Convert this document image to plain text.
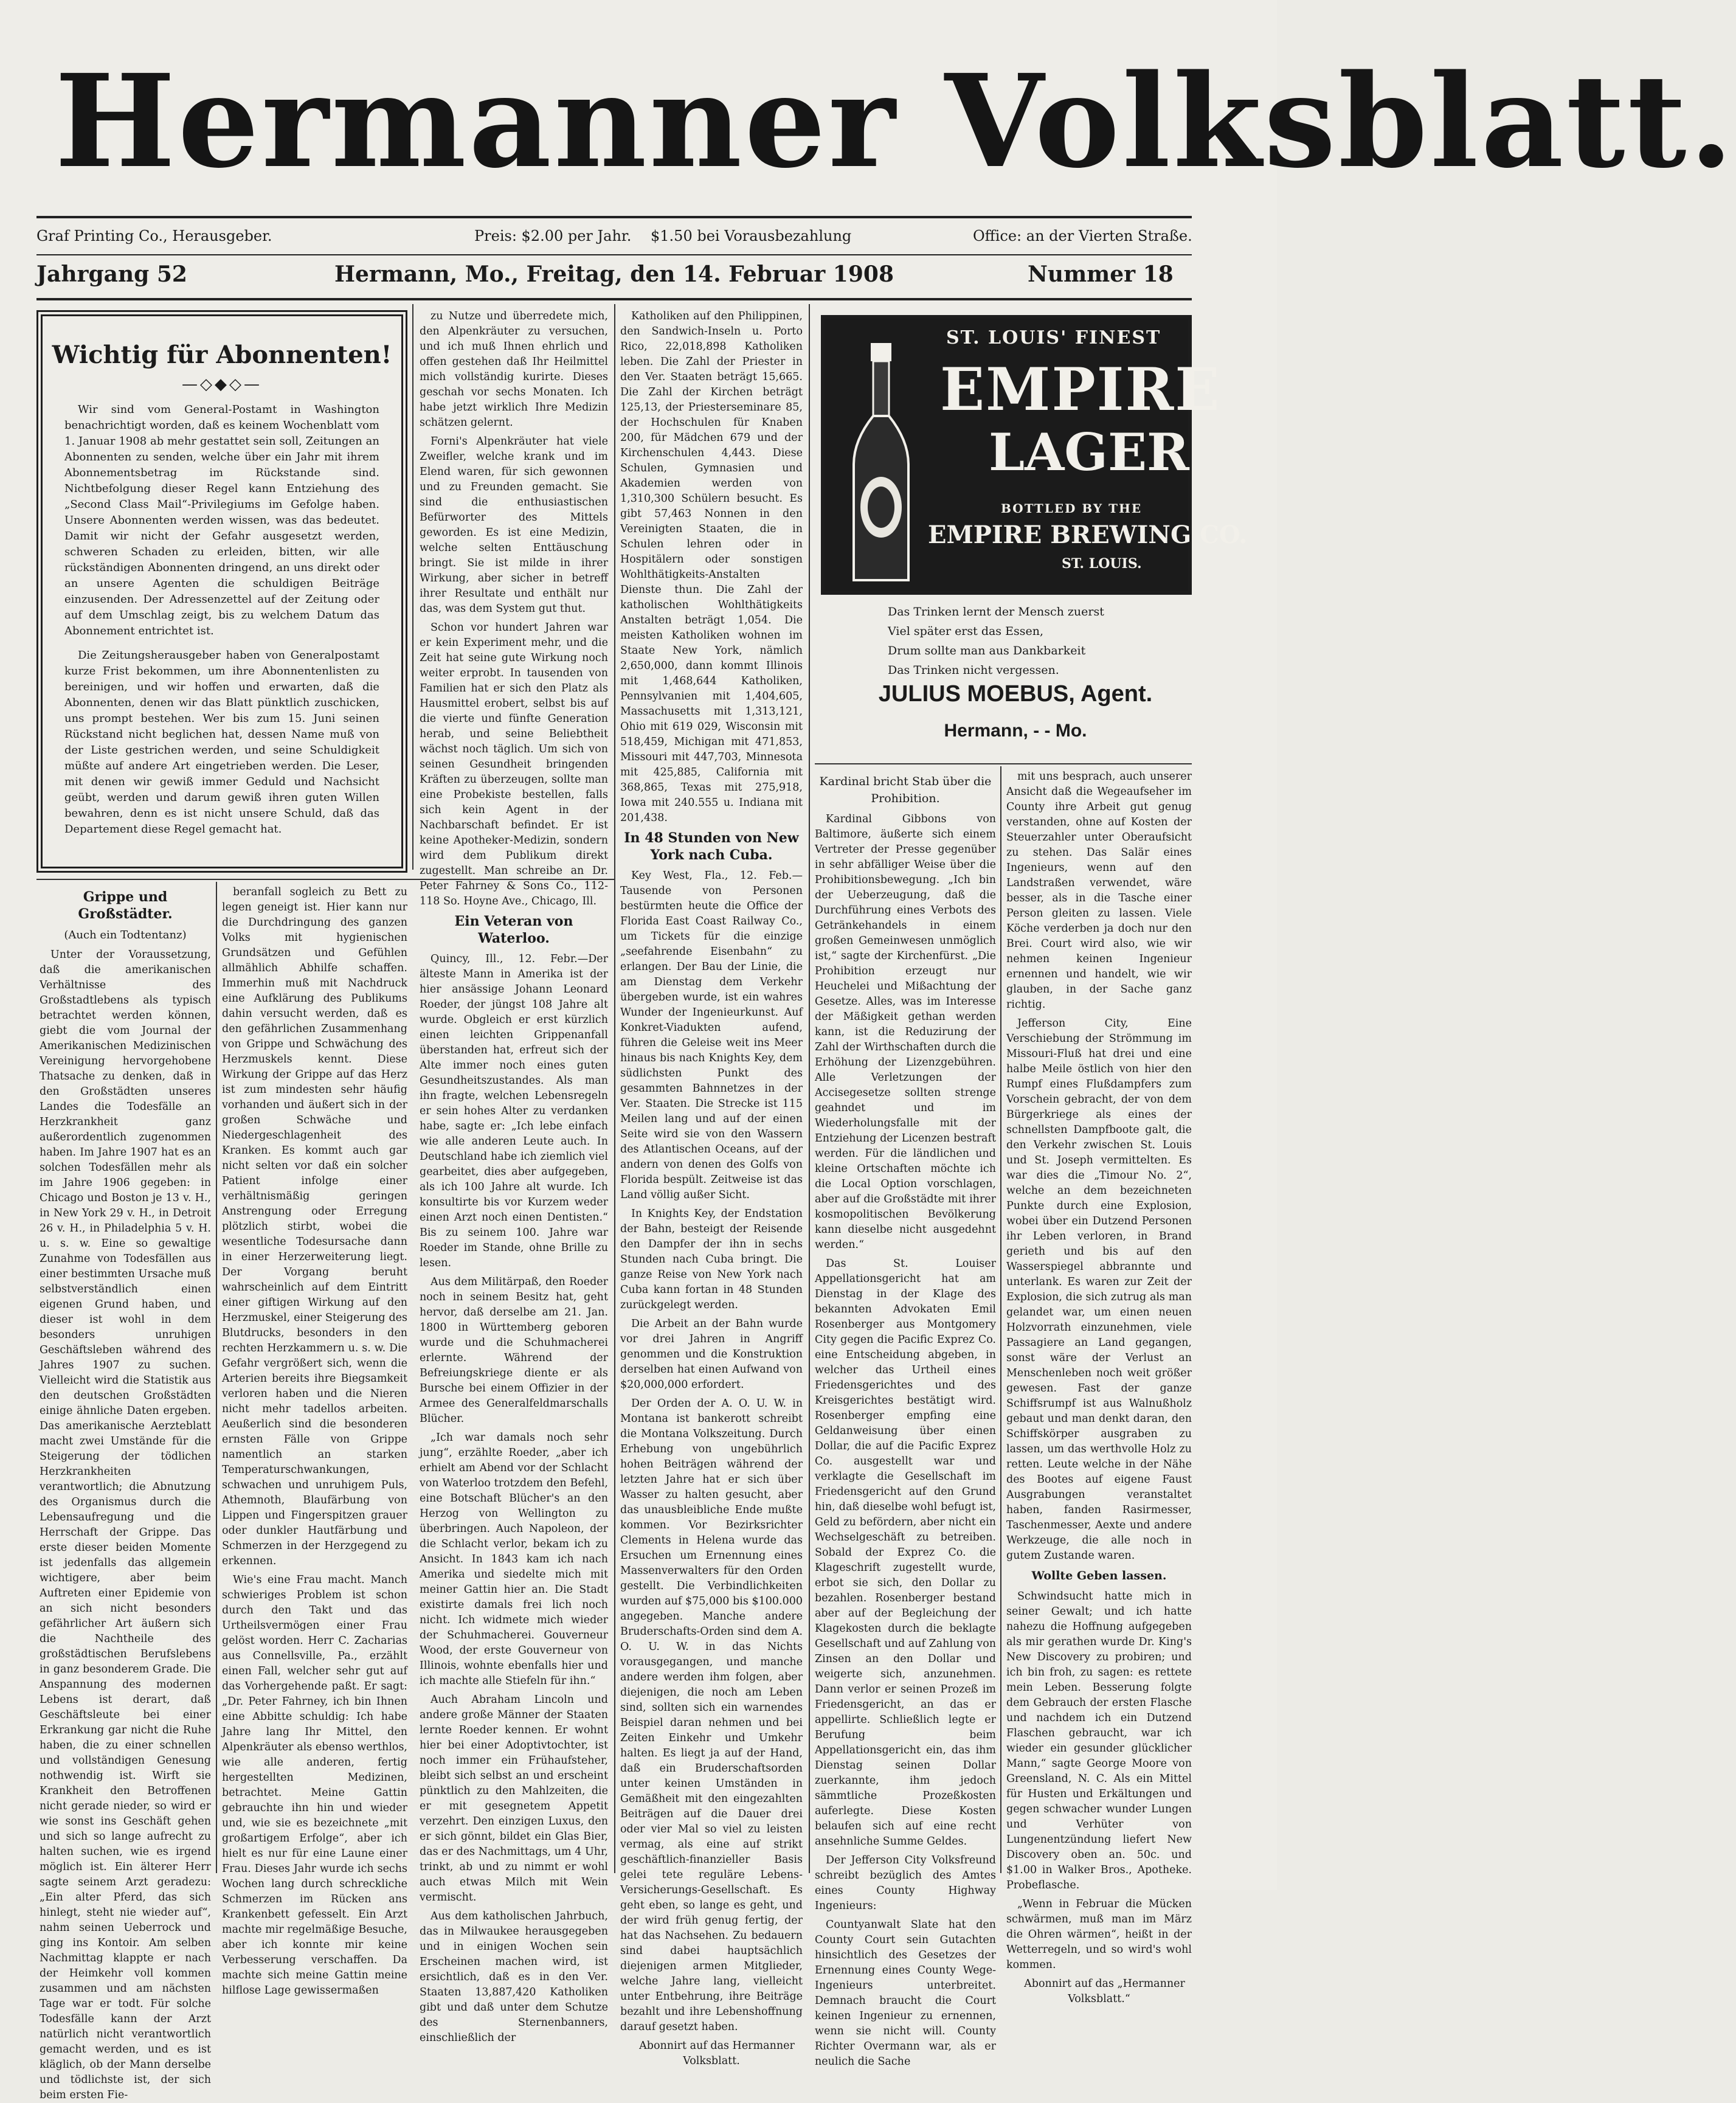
Hermanner Volksblatt.
Graf Printing Co., Herausgeber.	Preis: $2.00 per Jahr. $1.50 bei Vorausbezahlung	Office: an der Vierten Straße.
Jahrgang 52	Hermann, Mo., Freitag, den 14. Februar 1908	Nummer 18
Wichtig für Abonnenten!
—◇◆◇—

Wir sind vom General-Postamt in Washington benachrichtigt worden, daß es keinem Wochenblatt vom 1. Januar 1908 ab mehr gestattet sein soll, Zeitungen an Abonnenten zu senden, welche über ein Jahr mit ihrem Abonnementsbetrag im Rückstande sind. Nichtbefolgung dieser Regel kann Entziehung des „Second Class Mail“-Privilegiums im Gefolge haben. Unsere Abonnenten werden wissen, was das bedeutet. Damit wir nicht der Gefahr ausgesetzt werden, schweren Schaden zu erleiden, bitten, wir alle rückständigen Abonnenten dringend, an uns direkt oder an unsere Agenten die schuldigen Beiträge einzusenden. Der Adressenzettel auf der Zeitung oder auf dem Umschlag zeigt, bis zu welchem Datum das Abonnement entrichtet ist.

Die Zeitungsherausgeber haben von Generalpostamt kurze Frist bekommen, um ihre Abonnentenlisten zu bereinigen, und wir hoffen und erwarten, daß die Abonnenten, denen wir das Blatt pünktlich zuschicken, uns prompt bestehen. Wer bis zum 15. Juni seinen Rückstand nicht beglichen hat, dessen Name muß von der Liste gestrichen werden, und seine Schuldigkeit müßte auf andere Art eingetrieben werden. Die Leser, mit denen wir gewiß immer Geduld und Nachsicht geübt, werden und darum gewiß ihren guten Willen bewahren, denn es ist nicht unsere Schuld, daß das Departement diese Regel gemacht hat.

zu Nutze und überredete mich, den Alpenkräuter zu versuchen, und ich muß Ihnen ehrlich und offen gestehen daß Ihr Heilmittel mich vollständig kurirte. Dieses geschah vor sechs Monaten. Ich habe jetzt wirklich Ihre Medizin schätzen gelernt.

Forni's Alpenkräuter hat viele Zweifler, welche krank und im Elend waren, für sich gewonnen und zu Freunden gemacht. Sie sind die enthusiastischen Befürworter des Mittels geworden. Es ist eine Medizin, welche selten Enttäuschung bringt. Sie ist milde in ihrer Wirkung, aber sicher in betreff ihrer Resultate und enthält nur das, was dem System gut thut.

Schon vor hundert Jahren war er kein Experiment mehr, und die Zeit hat seine gute Wirkung noch weiter erprobt. In tausenden von Familien hat er sich den Platz als Hausmittel erobert, selbst bis auf die vierte und fünfte Generation herab, und seine Beliebtheit wächst noch täglich. Um sich von seinen Gesundheit bringenden Kräften zu überzeugen, sollte man eine Probekiste bestellen, falls sich kein Agent in der Nachbarschaft befindet. Er ist keine Apotheker-Medizin, sondern wird dem Publikum direkt zugestellt. Man schreibe an Dr. Peter Fahrney & Sons Co., 112-118 So. Hoyne Ave., Chicago, Ill.

Ein Veteran von Waterloo.

Quincy, Ill., 12. Febr.—Der älteste Mann in Amerika ist der hier ansässige Johann Leonard Roeder, der jüngst 108 Jahre alt wurde. Obgleich er erst kürzlich einen leichten Grippenanfall überstanden hat, erfreut sich der Alte immer noch eines guten Gesundheitszustandes. Als man ihn fragte, welchen Lebensregeln er sein hohes Alter zu verdanken habe, sagte er: „Ich lebe einfach wie alle anderen Leute auch. In Deutschland habe ich ziemlich viel gearbeitet, dies aber aufgegeben, als ich 100 Jahre alt wurde. Ich konsultirte bis vor Kurzem weder einen Arzt noch einen Dentisten.“ Bis zu seinem 100. Jahre war Roeder im Stande, ohne Brille zu lesen.

Aus dem Militärpaß, den Roeder noch in seinem Besitz hat, geht hervor, daß derselbe am 21. Jan. 1800 in Württemberg geboren wurde und die Schuhmacherei erlernte. Während der Befreiungskriege diente er als Bursche bei einem Offizier in der Armee des Generalfeldmarschalls Blücher.

„Ich war damals noch sehr jung“, erzählte Roeder, „aber ich erhielt am Abend vor der Schlacht von Waterloo trotzdem den Befehl, eine Botschaft Blücher's an den Herzog von Wellington zu überbringen. Auch Napoleon, der die Schlacht verlor, bekam ich zu Ansicht. In 1843 kam ich nach Amerika und siedelte mich mit meiner Gattin hier an. Die Stadt existirte damals frei lich noch nicht. Ich widmete mich wieder der Schuhmacherei. Gouverneur Wood, der erste Gouverneur von Illinois, wohnte ebenfalls hier und ich machte alle Stiefeln für ihn.“

Auch Abraham Lincoln und andere große Männer der Staaten lernte Roeder kennen. Er wohnt hier bei einer Adoptivtochter, ist noch immer ein Frühaufsteher, bleibt sich selbst an und erscheint pünktlich zu den Mahlzeiten, die er mit gesegnetem Appetit verzehrt. Den einzigen Luxus, den er sich gönnt, bildet ein Glas Bier, das er des Nachmittags, um 4 Uhr, trinkt, ab und zu nimmt er wohl auch etwas Milch mit Wein vermischt.

Aus dem katholischen Jahrbuch, das in Milwaukee herausgegeben und in einigen Wochen sein Erscheinen machen wird, ist ersichtlich, daß es in den Ver. Staaten 13,887,420 Katholiken gibt und daß unter dem Schutze des Sternenbanners, einschließlich der

Katholiken auf den Philippinen, den Sandwich-Inseln u. Porto Rico, 22,018,898 Katholiken leben. Die Zahl der Priester in den Ver. Staaten beträgt 15,665. Die Zahl der Kirchen beträgt 125,13, der Priesterseminare 85, der Hochschulen für Knaben 200, für Mädchen 679 und der Kirchenschulen 4,443. Diese Schulen, Gymnasien und Akademien werden von 1,310,300 Schülern besucht. Es gibt 57,463 Nonnen in den Vereinigten Staaten, die in Schulen lehren oder in Hospitälern oder sonstigen Wohlthätigkeits-Anstalten Dienste thun. Die Zahl der katholischen Wohlthätigkeits Anstalten beträgt 1,054. Die meisten Katholiken wohnen im Staate New York, nämlich 2,650,000, dann kommt Illinois mit 1,468,644 Katholiken, Pennsylvanien mit 1,404,605, Massachusetts mit 1,313,121, Ohio mit 619 029, Wisconsin mit 518,459, Michigan mit 471,853, Missouri mit 447,703, Minnesota mit 425,885, California mit 368,865, Texas mit 275,918, Iowa mit 240.555 u. Indiana mit 201,438.

In 48 Stunden von New York nach Cuba.

Key West, Fla., 12. Feb.—Tausende von Personen bestürmten heute die Office der Florida East Coast Railway Co., um Tickets für die einzige „seefahrende Eisenbahn“ zu erlangen. Der Bau der Linie, die am Dienstag dem Verkehr übergeben wurde, ist ein wahres Wunder der Ingenieurkunst. Auf Konkret-Viadukten aufend, führen die Geleise weit ins Meer hinaus bis nach Knights Key, dem südlichsten Punkt des gesammten Bahnnetzes in der Ver. Staaten. Die Strecke ist 115 Meilen lang und auf der einen Seite wird sie von den Wassern des Atlantischen Oceans, auf der andern von denen des Golfs von Florida bespült. Zeitweise ist das Land völlig außer Sicht.

In Knights Key, der Endstation der Bahn, besteigt der Reisende den Dampfer der ihn in sechs Stunden nach Cuba bringt. Die ganze Reise von New York nach Cuba kann fortan in 48 Stunden zurückgelegt werden.

Die Arbeit an der Bahn wurde vor drei Jahren in Angriff genommen und die Konstruktion derselben hat einen Aufwand von $20,000,000 erfordert.

Der Orden der A. O. U. W. in Montana ist bankerott schreibt die Montana Volkszeitung. Durch Erhebung von ungebührlich hohen Beiträgen während der letzten Jahre hat er sich über Wasser zu halten gesucht, aber das unausbleibliche Ende mußte kommen. Vor Bezirksrichter Clements in Helena wurde das Ersuchen um Ernennung eines Massenverwalters für den Orden gestellt. Die Verbindlichkeiten wurden auf $75,000 bis $100.000 angegeben. Manche andere Bruderschafts-Orden sind dem A. O. U. W. in das Nichts vorausgegangen, und manche andere werden ihm folgen, aber diejenigen, die noch am Leben sind, sollten sich ein warnendes Beispiel daran nehmen und bei Zeiten Einkehr und Umkehr halten. Es liegt ja auf der Hand, daß ein Bruderschaftsorden unter keinen Umständen in Gemäßheit mit den eingezahlten Beiträgen auf die Dauer drei oder vier Mal so viel zu leisten vermag, als eine auf strikt geschäftlich-finanzieller Basis gelei tete reguläre Lebens-Versicherungs-Gesellschaft. Es geht eben, so lange es geht, und der wird früh genug fertig, der hat das Nachsehen. Zu bedauern sind dabei hauptsächlich diejenigen armen Mitglieder, welche Jahre lang, vielleicht unter Entbehrung, ihre Beiträge bezahlt und ihre Lebenshoffnung darauf gesetzt haben.

Abonnirt auf das Hermanner Volksblatt.

ST. LOUIS' FINEST
EMPIRE
LAGER
BOTTLED BY THE
EMPIRE BREWING CO.
ST. LOUIS.
Das Trinken lernt der Mensch zuerst
Viel später erst das Essen,
Drum sollte man aus Dankbarkeit
Das Trinken nicht vergessen.
JULIUS MOEBUS, Agent.
Hermann, - - Mo.
Kardinal bricht Stab über die Prohibition.

Kardinal Gibbons von Baltimore, äußerte sich einem Vertreter der Presse gegenüber in sehr abfälliger Weise über die Prohibitionsbewegung. „Ich bin der Ueberzeugung, daß die Durchführung eines Verbots des Getränkehandels in einem großen Gemeinwesen unmöglich ist,“ sagte der Kirchenfürst. „Die Prohibition erzeugt nur Heuchelei und Mißachtung der Gesetze. Alles, was im Interesse der Mäßigkeit gethan werden kann, ist die Reduzirung der Zahl der Wirthschaften durch die Erhöhung der Lizenzgebühren. Alle Verletzungen der Accisegesetze sollten strenge geahndet und im Wiederholungsfalle mit der Entziehung der Licenzen bestraft werden. Für die ländlichen und kleine Ortschaften möchte ich die Local Option vorschlagen, aber auf die Großstädte mit ihrer kosmopolitischen Bevölkerung kann dieselbe nicht ausgedehnt werden.“

Das St. Louiser Appellationsgericht hat am Dienstag in der Klage des bekannten Advokaten Emil Rosenberger aus Montgomery City gegen die Pacific Exprez Co. eine Entscheidung abgeben, in welcher das Urtheil eines Friedensgerichtes und des Kreisgerichtes bestätigt wird. Rosenberger empfing eine Geldanweisung über einen Dollar, die auf die Pacific Exprez Co. ausgestellt war und verklagte die Gesellschaft im Friedensgericht auf den Grund hin, daß dieselbe wohl befugt ist, Geld zu befördern, aber nicht ein Wechselgeschäft zu betreiben. Sobald der Exprez Co. die Klageschrift zugestellt wurde, erbot sie sich, den Dollar zu bezahlen. Rosenberger bestand aber auf der Begleichung der Klagekosten durch die beklagte Gesellschaft und auf Zahlung von Zinsen an den Dollar und weigerte sich, anzunehmen. Dann verlor er seinen Prozeß im Friedensgericht, an das er appellirte. Schließlich legte er Berufung beim Appellationsgericht ein, das ihm Dienstag seinen Dollar zuerkannte, ihm jedoch sämmtliche Prozeßkosten auferlegte. Diese Kosten belaufen sich auf eine recht ansehnliche Summe Geldes.

Der Jefferson City Volksfreund schreibt bezüglich des Amtes eines County Highway Ingenieurs:

Countyanwalt Slate hat den County Court sein Gutachten hinsichtlich des Gesetzes der Ernennung eines County Wege-Ingenieurs unterbreitet. Demnach braucht die Court keinen Ingenieur zu ernennen, wenn sie nicht will. County Richter Overmann war, als er neulich die Sache

mit uns besprach, auch unserer Ansicht daß die Wegeaufseher im County ihre Arbeit gut genug verstanden, ohne auf Kosten der Steuerzahler unter Oberaufsicht zu stehen. Das Salär eines Ingenieurs, wenn auf den Landstraßen verwendet, wäre besser, als in die Tasche einer Person gleiten zu lassen. Viele Köche verderben ja doch nur den Brei. Court wird also, wie wir nehmen keinen Ingenieur ernennen und handelt, wie wir glauben, in der Sache ganz richtig.

Jefferson City, Eine Verschiebung der Strömmung im Missouri-Fluß hat drei und eine halbe Meile östlich von hier den Rumpf eines Flußdampfers zum Vorschein gebracht, der von dem Bürgerkriege als eines der schnellsten Dampfboote galt, die den Verkehr zwischen St. Louis und St. Joseph vermittelten. Es war dies die „Timour No. 2“, welche an dem bezeichneten Punkte durch eine Explosion, wobei über ein Dutzend Personen ihr Leben verloren, in Brand gerieth und bis auf den Wasserspiegel abbrannte und unterlank. Es waren zur Zeit der Explosion, die sich zutrug als man gelandet war, um einen neuen Holzvorrath einzunehmen, viele Passagiere an Land gegangen, sonst wäre der Verlust an Menschenleben noch weit größer gewesen. Fast der ganze Schiffsrumpf ist aus Walnußholz gebaut und man denkt daran, den Schiffskörper ausgraben zu lassen, um das werthvolle Holz zu retten. Leute welche in der Nähe des Bootes auf eigene Faust Ausgrabungen veranstaltet haben, fanden Rasirmesser, Taschenmesser, Aexte und andere Werkzeuge, die alle noch in gutem Zustande waren.

Wollte Geben lassen.

Schwindsucht hatte mich in seiner Gewalt; und ich hatte nahezu die Hoffnung aufgegeben als mir gerathen wurde Dr. King's New Discovery zu probiren; und ich bin froh, zu sagen: es rettete mein Leben. Besserung folgte dem Gebrauch der ersten Flasche und nachdem ich ein Dutzend Flaschen gebraucht, war ich wieder ein gesunder glücklicher Mann,“ sagte George Moore von Greensland, N. C. Als ein Mittel für Husten und Erkältungen und gegen schwacher wunder Lungen und Verhüter von Lungenentzündung liefert New Discovery oben an. 50c. und $1.00 in Walker Bros., Apotheke. Probeflasche.

„Wenn in Februar die Mücken schwärmen, muß man im März die Ohren wärmen“, heißt in der Wetterregeln, und so wird's wohl kommen.

Abonnirt auf das „Hermanner Volksblatt.“

Grippe und Großstädter.
(Auch ein Todtentanz)

Unter der Voraussetzung, daß die amerikanischen Verhältnisse des Großstadtlebens als typisch betrachtet werden können, giebt die vom Journal der Amerikanischen Medizinischen Vereinigung hervorgehobene Thatsache zu denken, daß in den Großstädten unseres Landes die Todesfälle an Herzkrankheit ganz außerordentlich zugenommen haben. Im Jahre 1907 hat es an solchen Todesfällen mehr als im Jahre 1906 gegeben: in Chicago und Boston je 13 v. H., in New York 29 v. H., in Detroit 26 v. H., in Philadelphia 5 v. H. u. s. w. Eine so gewaltige Zunahme von Todesfällen aus einer bestimmten Ursache muß selbstverständlich einen eigenen Grund haben, und dieser ist wohl in dem besonders unruhigen Geschäftsleben während des Jahres 1907 zu suchen. Vielleicht wird die Statistik aus den deutschen Großstädten einige ähnliche Daten ergeben. Das amerikanische Aerzteblatt macht zwei Umstände für die Steigerung der tödlichen Herzkrankheiten verantwortlich; die Abnutzung des Organismus durch die Lebensaufregung und die Herrschaft der Grippe. Das erste dieser beiden Momente ist jedenfalls das allgemein wichtigere, aber beim Auftreten einer Epidemie von an sich nicht besonders gefährlicher Art äußern sich die Nachtheile des großstädtischen Berufslebens in ganz besonderem Grade. Die Anspannung des modernen Lebens ist derart, daß Geschäftsleute bei einer Erkrankung gar nicht die Ruhe haben, die zu einer schnellen und vollständigen Genesung nothwendig ist. Wirft sie Krankheit den Betroffenen nicht gerade nieder, so wird er wie sonst ins Geschäft gehen und sich so lange aufrecht zu halten suchen, wie es irgend möglich ist. Ein älterer Herr sagte seinem Arzt geradezu: „Ein alter Pferd, das sich hinlegt, steht nie wieder auf“, nahm seinen Ueberrock und ging ins Kontoir. Am selben Nachmittag klappte er nach der Heimkehr voll kommen zusammen und am nächsten Tage war er todt. Für solche Todesfälle kann der Arzt natürlich nicht verantwortlich gemacht werden, und es ist kläglich, ob der Mann derselbe und tödlichste ist, der sich beim ersten Fie-

beranfall sogleich zu Bett zu legen geneigt ist. Hier kann nur die Durchdringung des ganzen Volks mit hygienischen Grundsätzen und Gefühlen allmählich Abhilfe schaffen. Immerhin muß mit Nachdruck eine Aufklärung des Publikums dahin versucht werden, daß es den gefährlichen Zusammenhang von Grippe und Schwächung des Herzmuskels kennt. Diese Wirkung der Grippe auf das Herz ist zum mindesten sehr häufig vorhanden und äußert sich in der großen Schwäche und Niedergeschlagenheit des Kranken. Es kommt auch gar nicht selten vor daß ein solcher Patient infolge einer verhältnismäßig geringen Anstrengung oder Erregung plötzlich stirbt, wobei die wesentliche Todesursache dann in einer Herzerweiterung liegt. Der Vorgang beruht wahrscheinlich auf dem Eintritt einer giftigen Wirkung auf den Herzmuskel, einer Steigerung des Blutdrucks, besonders in den rechten Herzkammern u. s. w. Die Gefahr vergrößert sich, wenn die Arterien bereits ihre Biegsamkeit verloren haben und die Nieren nicht mehr tadellos arbeiten. Aeußerlich sind die besonderen ernsten Fälle von Grippe namentlich an starken Temperaturschwankungen, schwachen und unruhigem Puls, Athemnoth, Blaufärbung von Lippen und Fingerspitzen grauer oder dunkler Hautfärbung und Schmerzen in der Herzgegend zu erkennen.

Wie's eine Frau macht. Manch schwieriges Problem ist schon durch den Takt und das Urtheilsvermögen einer Frau gelöst worden. Herr C. Zacharias aus Connellsville, Pa., erzählt einen Fall, welcher sehr gut auf das Vorhergehende paßt. Er sagt: „Dr. Peter Fahrney, ich bin Ihnen eine Abbitte schuldig: Ich habe Jahre lang Ihr Mittel, den Alpenkräuter als ebenso werthlos, wie alle anderen, fertig hergestellten Medizinen, betrachtet. Meine Gattin gebrauchte ihn hin und wieder und, wie sie es bezeichnete „mit großartigem Erfolge“, aber ich hielt es nur für eine Laune einer Frau. Dieses Jahr wurde ich sechs Wochen lang durch schreckliche Schmerzen im Rücken ans Krankenbett gefesselt. Ein Arzt machte mir regelmäßige Besuche, aber ich konnte mir keine Verbesserung verschaffen. Da machte sich meine Gattin meine hilflose Lage gewissermaßen
